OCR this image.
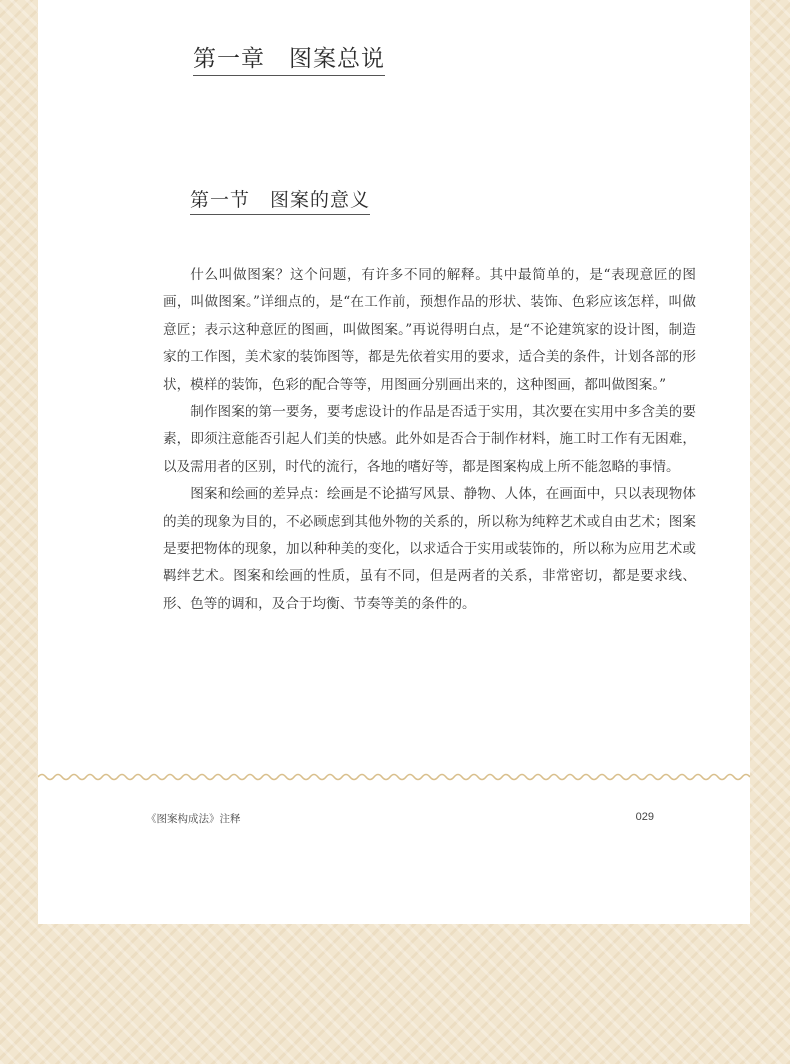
第一章　图案总说
第一节　图案的意义

什么叫做图案？这个问题，有许多不同的解释。其中最简单的，是“表现意匠的图画，叫做图案。”详细点的，是“在工作前，预想作品的形状、装饰、色彩应该怎样，叫做意匠；表示这种意匠的图画，叫做图案。”再说得明白点，是“不论建筑家的设计图，制造家的工作图，美术家的装饰图等，都是先依着实用的要求，适合美的条件，计划各部的形状，模样的装饰，色彩的配合等等，用图画分别画出来的，这种图画，都叫做图案。”

制作图案的第一要务，要考虑设计的作品是否适于实用，其次要在实用中多含美的要素，即须注意能否引起人们美的快感。此外如是否合于制作材料，施工时工作有无困难，以及需用者的区别，时代的流行，各地的嗜好等，都是图案构成上所不能忽略的事情。

图案和绘画的差异点：绘画是不论描写风景、静物、人体，在画面中，只以表现物体的美的现象为目的，不必顾虑到其他外物的关系的，所以称为纯粹艺术或自由艺术；图案是要把物体的现象，加以种种美的变化，以求适合于实用或装饰的，所以称为应用艺术或羁绊艺术。图案和绘画的性质，虽有不同，但是两者的关系，非常密切，都是要求线、形、色等的调和，及合于均衡、节奏等美的条件的。

《图案构成法》注释	029
